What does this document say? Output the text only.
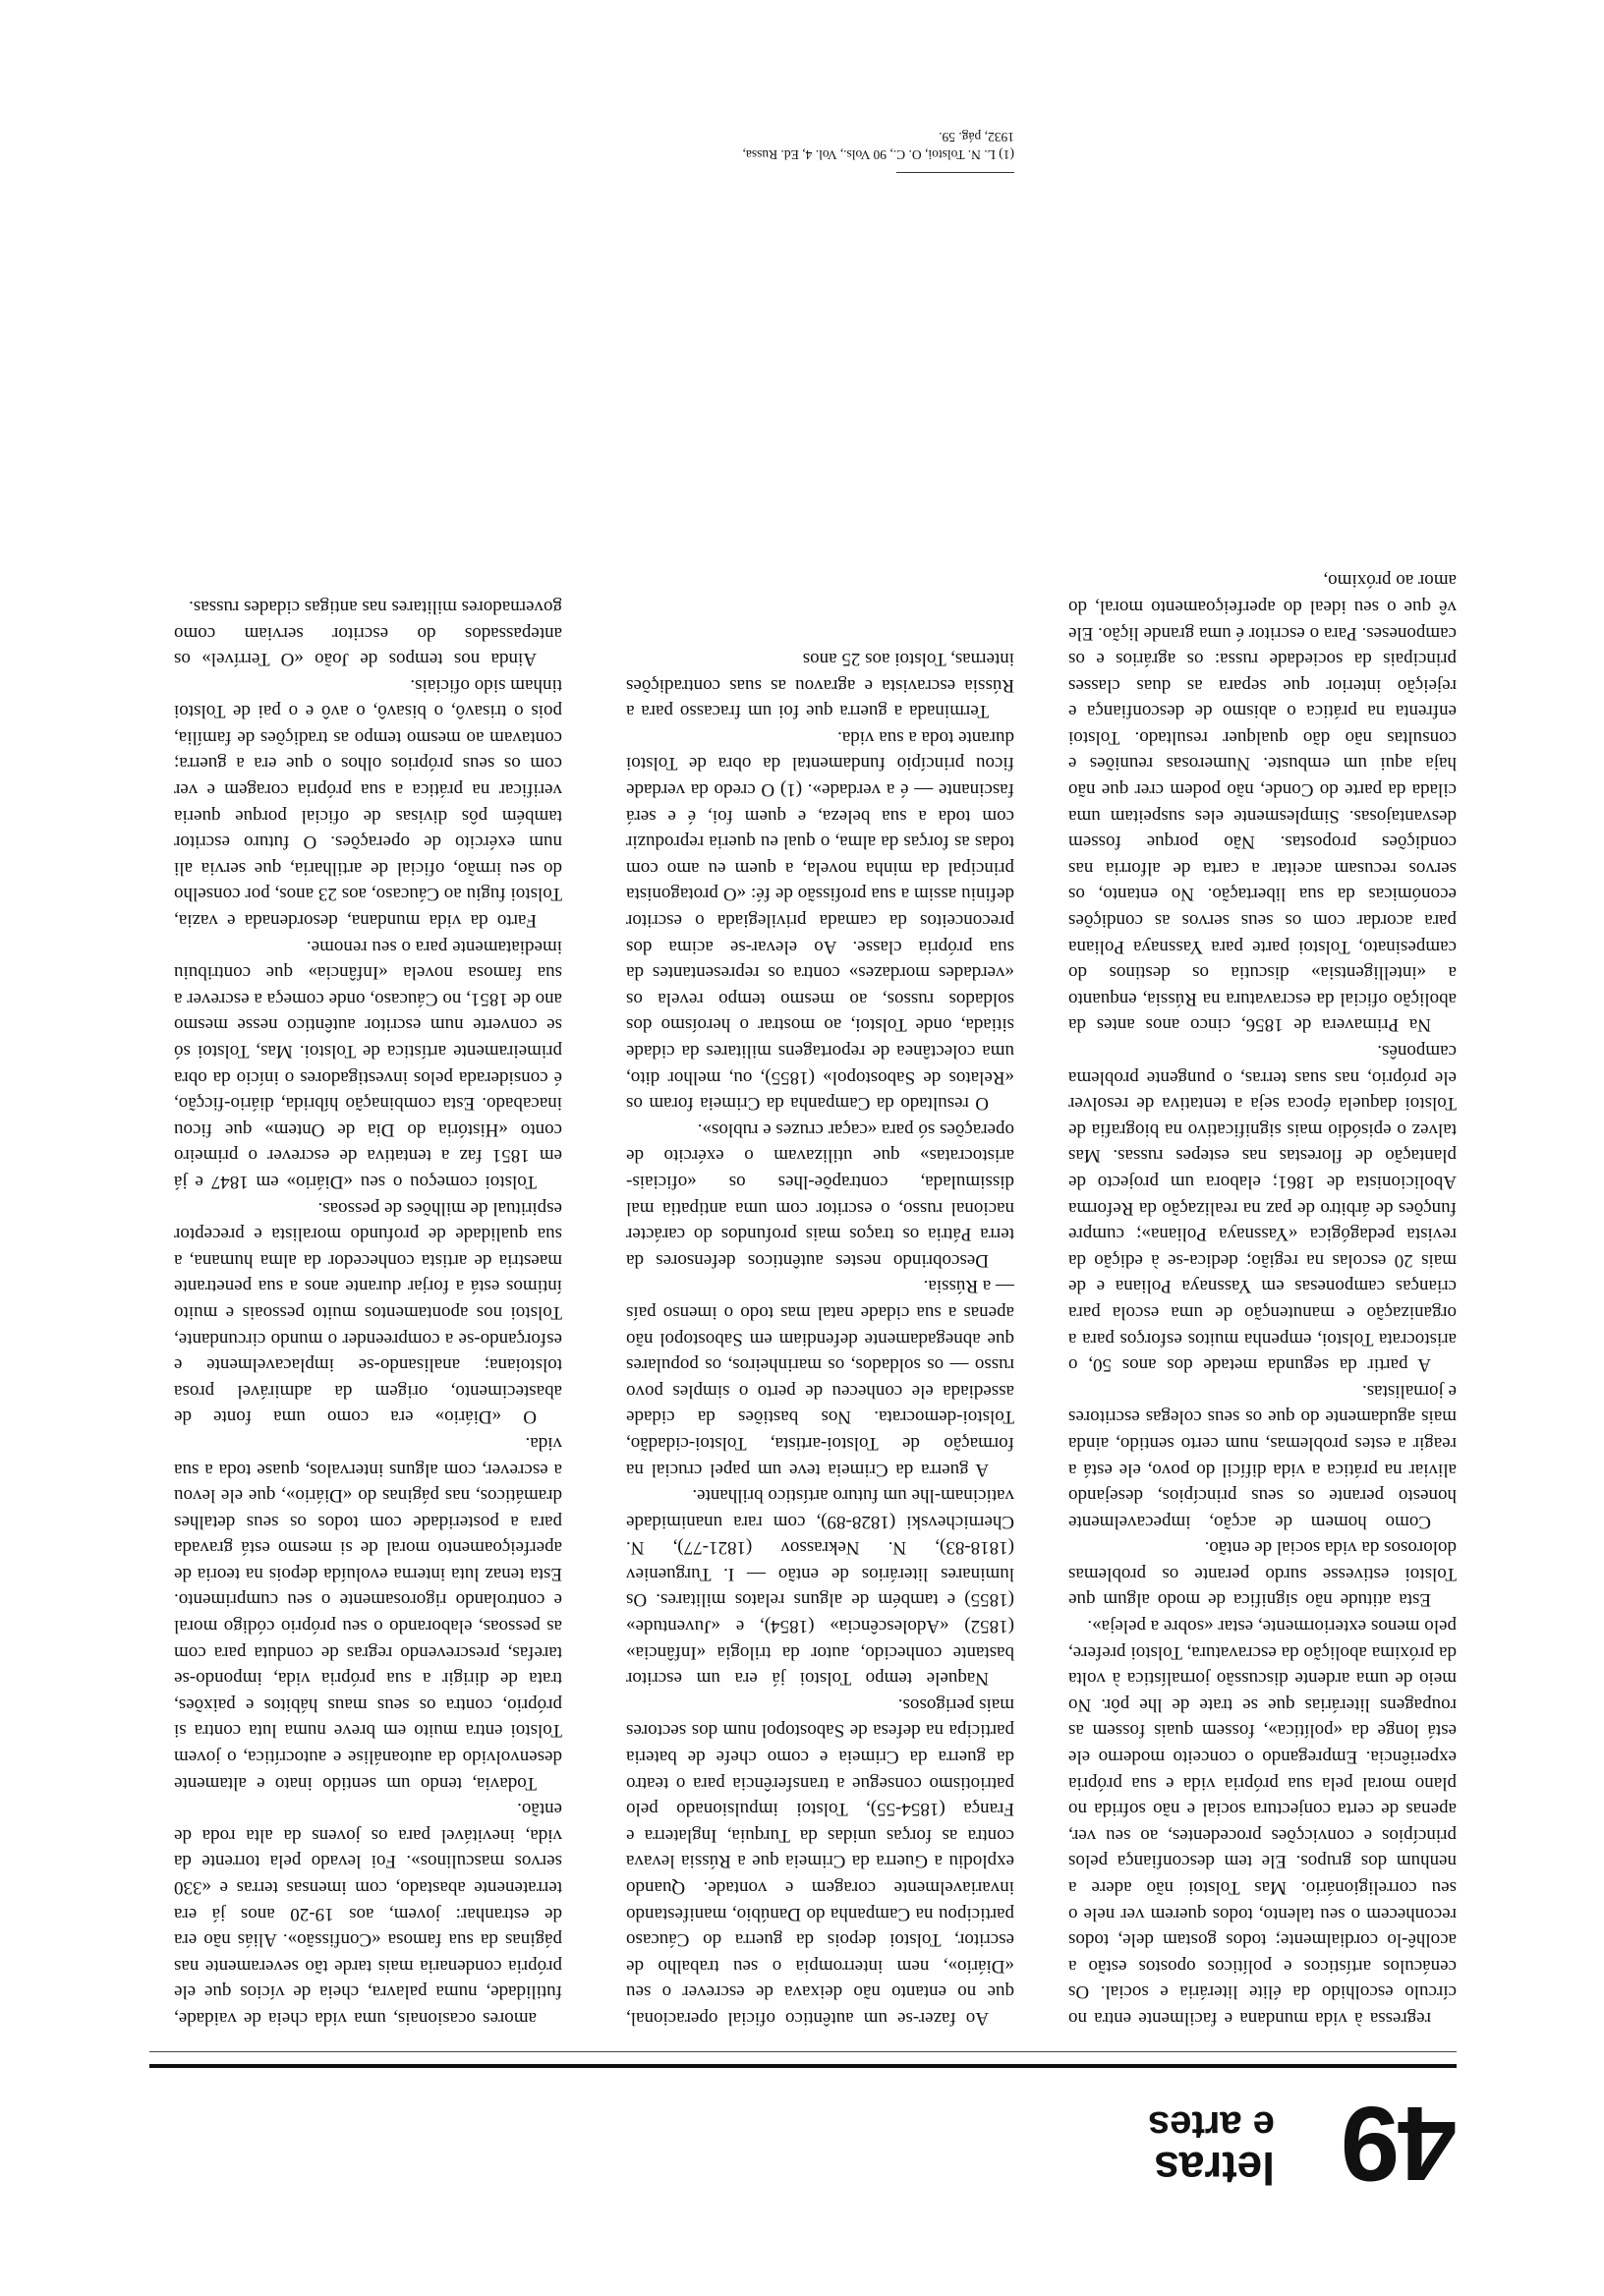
49
letras
e artes

regressa à vida mundana e facilmente entra no círculo escolhido da élite literária e social. Os cenáculos artísticos e políticos opostos estão a acolhê-lo cordialmente; todos gostam dele, todos reconhecem o seu talento, todos querem ver nele o seu correligionário. Mas Tolstoi não adere a nenhum dos grupos. Ele tem desconfiança pelos princípios e convicções procedentes, ao seu ver, apenas de certa conjectura social e não sofrida no plano moral pela sua própria vida e sua própria experiência. Empregando o conceito moderno ele está longe da «política», fossem quais fossem as roupagens literárias que se trate de lhe pôr. No meio de uma ardente discussão jornalística à volta da próxima abolição da escravatura, Tolstoi prefere, pelo menos exteriormente, estar «sobre a peleja».

Esta atitude não significa de modo algum que Tolstoi estivesse surdo perante os problemas dolorosos da vida social de então.

Como homem de acção, impecavelmente honesto perante os seus princípios, desejando aliviar na prática a vida difícil do povo, ele está a reagir a estes problemas, num certo sentido, ainda mais agudamente do que os seus colegas escritores e jornalistas.

A partir da segunda metade dos anos 50, o aristocrata Tolstoi, empenha muitos esforços para a organização e manutenção de uma escola para crianças camponesas em Yassnaya Poliana e de mais 20 escolas na região; dedica-se à edição da revista pedagógica «Yassnaya Poliana»; cumpre funções de árbitro de paz na realização da Reforma Abolicionista de 1861; elabora um projecto de plantação de florestas nas estepes russas. Mas talvez o episódio mais significativo na biografia de Tolstoi daquela época seja a tentativa de resolver ele próprio, nas suas terras, o pungente problema camponês.

Na Primavera de 1856, cinco anos antes da abolição oficial da escravatura na Rússia, enquanto a «intelligentsia» discutia os destinos do campesinato, Tolstoi parte para Yassnaya Poliana para acordar com os seus servos as condições económicas da sua libertação. No entanto, os servos recusam aceitar a carta de alforria nas condições propostas. Não porque fossem desvantajosas. Simplesmente eles suspeitam uma cilada da parte do Conde, não podem crer que não haja aqui um embuste. Numerosas reuniões e consultas não dão qualquer resultado. Tolstoi enfrenta na prática o abismo de desconfiança e rejeição interior que separa as duas classes principais da sociedade russa: os agrários e os camponeses. Para o escritor é uma grande lição. Ele vê que o seu ideal do aperfeiçoamento moral, do amor ao próximo,

Ao fazer-se um autêntico oficial operacional, que no entanto não deixava de escrever o seu «Diário», nem interrompia o seu trabalho de escritor, Tolstoi depois da guerra do Cáucaso participou na Campanha do Danúbio, manifestando invariavelmente coragem e vontade. Quando explodiu a Guerra da Crimeia que a Rússia levava contra as forças unidas da Turquia, Inglaterra e França (1854-55), Tolstoi impulsionado pelo patriotismo consegue a transferência para o teatro da guerra da Crimeia e como chefe de bateria participa na defesa de Sabostopol num dos sectores mais perigosos.

Naquele tempo Tolstoi já era um escritor bastante conhecido, autor da trilogia «Infância» (1852) «Adolescência» (1854), e «Juventude» (1855) e também de alguns relatos militares. Os luminares literários de então — I. Turgueniev (1818-83), N. Nekrassov (1821-77), N. Chernichevski (1828-89), com rara unanimidade vaticinam-lhe um futuro artístico brilhante.

A guerra da Crimeia teve um papel crucial na formação de Tolstoi-artista, Tolstoi-cidadão, Tolstoi-democrata. Nos bastiões da cidade assediada ele conheceu de perto o simples povo russo — os soldados, os marinheiros, os populares que abnegadamente defendiam em Sabostopol não apenas a sua cidade natal mas todo o imenso país — a Rússia.

Descobrindo nestes autênticos defensores da terra Pátria os traços mais profundos do carácter nacional russo, o escritor com uma antipatia mal dissimulada, contrapõe-lhes os «oficiais-aristocratas» que utilizavam o exército de operações só para «caçar cruzes e rublos».

O resultado da Campanha da Crimeia foram os «Relatos de Sabostopol» (1855), ou, melhor dito, uma colectânea de reportagens militares da cidade sitiada, onde Tolstoi, ao mostrar o heroísmo dos soldados russos, ao mesmo tempo revela os «verdades mordazes» contra os representantes da sua própria classe. Ao elevar-se acima dos preconceitos da camada privilegiada o escritor definiu assim a sua profissão de fé: «O protagonista principal da minha novela, a quem eu amo com todas as forças da alma, o qual eu queria reproduzir com toda a sua beleza, e quem foi, é e será fascinante — é a verdade». (1) O credo da verdade ficou princípio fundamental da obra de Tolstoi durante toda a sua vida.

Terminada a guerra que foi um fracasso para a Rússia escravista e agravou as suas contradições internas, Tolstoi aos 25 anos

(1) L. N. Tolstoi, O. C., 90 Vols., Vol. 4, Ed. Russa,

1932, pág. 59.

amores ocasionais, uma vida cheia de vaidade, futilidade, numa palavra, cheia de vícios que ele própria condenaria mais tarde tão severamente nas páginas da sua famosa «Confissão». Aliás não era de estranhar: jovem, aos 19-20 anos já era terratenente abastado, com imensas terras e «330 servos masculinos». Foi levado pela torrente da vida, inevitável para os jovens da alta roda de então.

Todavia, tendo um sentido inato e altamente desenvolvido da autoanálise e autocrítica, o jovem Tolstoi entra muito em breve numa luta contra si próprio, contra os seus maus hábitos e paixões, trata de dirigir a sua própria vida, impondo-se tarefas, prescrevendo regras de conduta para com as pessoas, elaborando o seu próprio código moral e controlando rigorosamente o seu cumprimento. Esta tenaz luta interna evoluída depois na teoria de aperfeiçoamento moral de si mesmo está gravada para a posteridade com todos os seus detalhes dramáticos, nas páginas do «Diário», que ele levou a escrever, com alguns intervalos, quase toda a sua vida.

O «Diário» era como uma fonte de abastecimento, origem da admirável prosa tolstoiana; analisando-se implacavelmente e esforçando-se a compreender o mundo circundante, Tolstoi nos apontamentos muito pessoais e muito íntimos está a forjar durante anos a sua penetrante maestria de artista conhecedor da alma humana, a sua qualidade de profundo moralista e preceptor espiritual de milhões de pessoas.

Tolstoi começou o seu «Diário» em 1847 e já em 1851 faz a tentativa de escrever o primeiro conto «História do Dia de Ontem» que ficou inacabado. Esta combinação híbrida, diário-ficção, é considerada pelos investigadores o início da obra primeiramente artística de Tolstoi. Mas, Tolstoi só se converte num escritor autêntico nesse mesmo ano de 1851, no Cáucaso, onde começa a escrever a sua famosa novela «Infância» que contribuiu imediatamente para o seu renome.

Farto da vida mundana, desordenada e vazia, Tolstoi fugiu ao Cáucaso, aos 23 anos, por conselho do seu irmão, oficial de artilharia, que servia ali num exército de operações. O futuro escritor também pôs divisas de oficial porque queria verificar na prática a sua própria coragem e ver com os seus próprios olhos o que era a guerra; contavam ao mesmo tempo as tradições de família, pois o trisavô, o bisavô, o avô e o pai de Tolstoi tinham sido oficiais.

Ainda nos tempos de João «O Terrível» os antepassados do escritor serviam como governadores militares nas antigas cidades russas.
